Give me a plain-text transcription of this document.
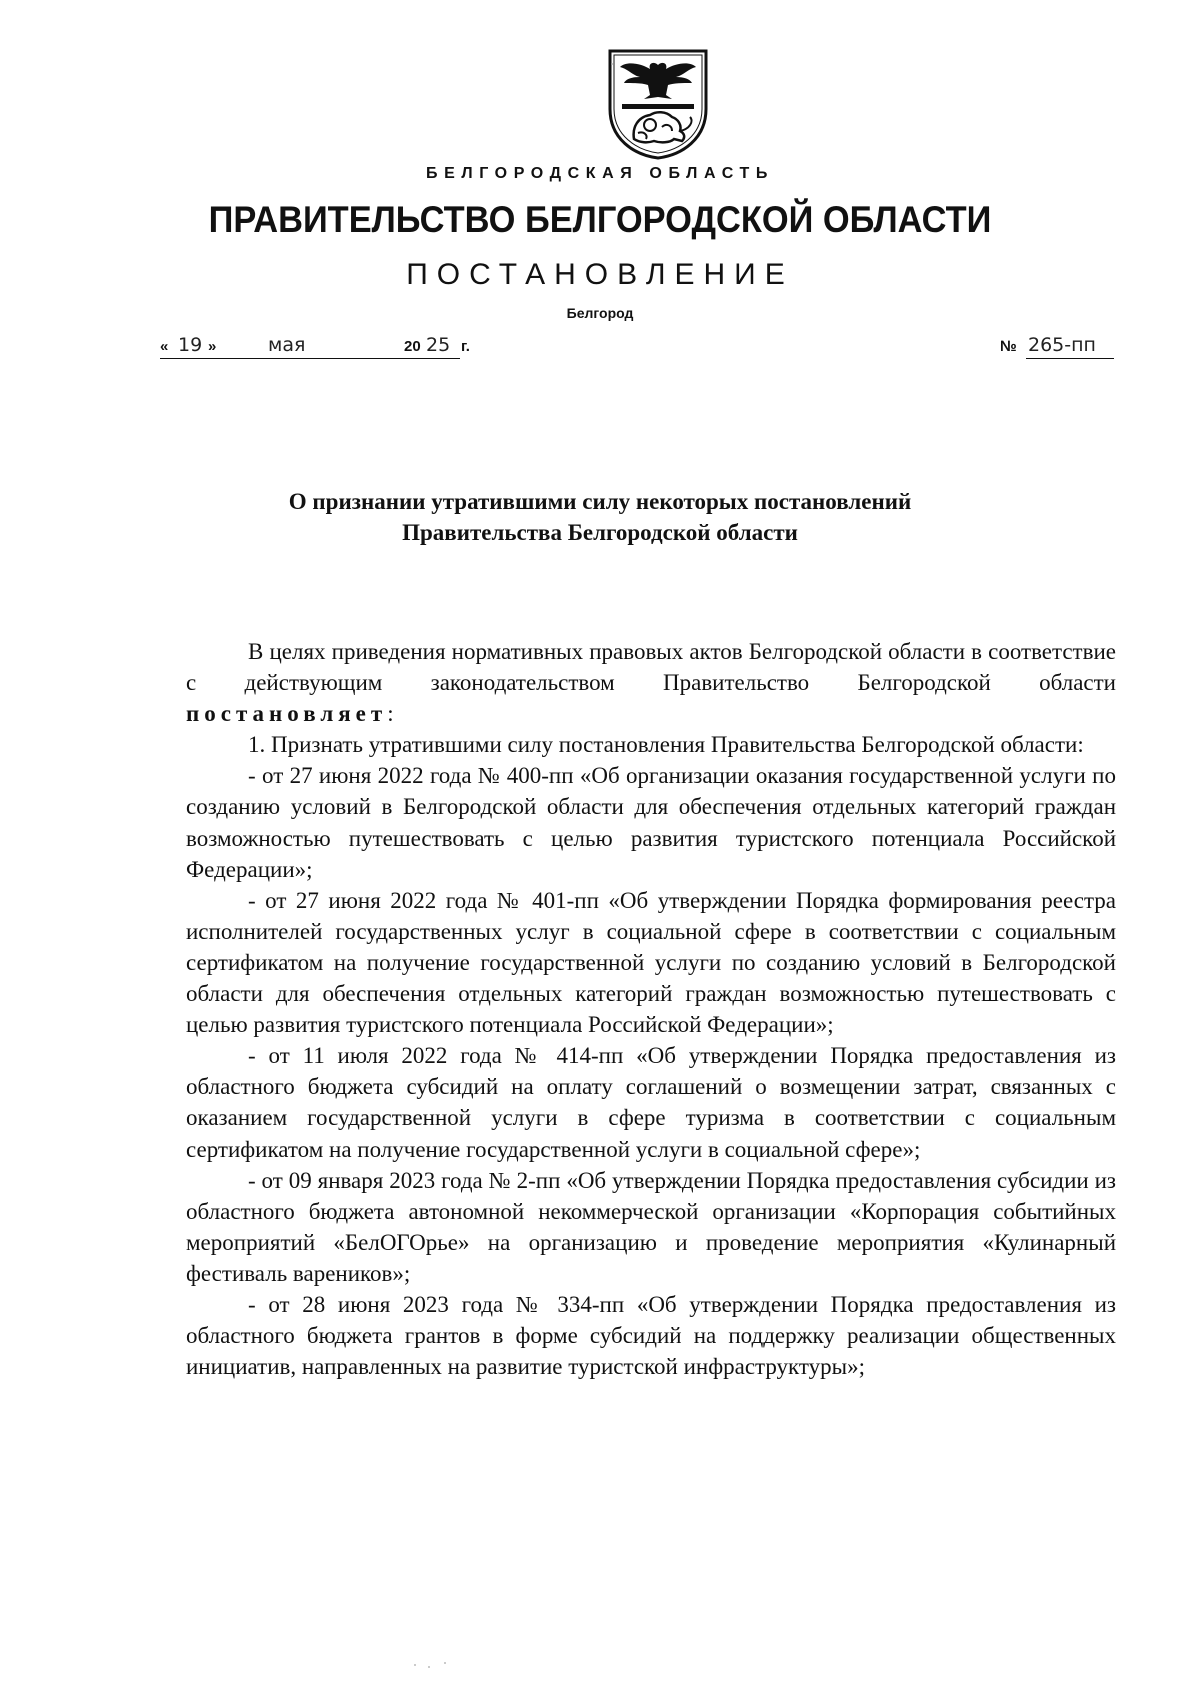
БЕЛГОРОДСКАЯ ОБЛАСТЬ
ПРАВИТЕЛЬСТВО БЕЛГОРОДСКОЙ ОБЛАСТИ
ПОСТАНОВЛЕНИЕ
Белгород
« 19 »	мая	20 25 г.	№ 265-пп
О признании утратившими силу некоторых постановлений
Правительства Белгородской области

В целях приведения нормативных правовых актов Белгородской области в соответствие с действующим законодательством Правительство Белгородской области постановляет:

1. Признать утратившими силу постановления Правительства Белгородской области:

- от 27 июня 2022 года № 400-пп «Об организации оказания государственной услуги по созданию условий в Белгородской области для обеспечения отдельных категорий граждан возможностью путешествовать с целью развития туристского потенциала Российской Федерации»;

- от 27 июня 2022 года № 401-пп «Об утверждении Порядка формирования реестра исполнителей государственных услуг в социальной сфере в соответствии с социальным сертификатом на получение государственной услуги по созданию условий в Белгородской области для обеспечения отдельных категорий граждан возможностью путешествовать с целью развития туристского потенциала Российской Федерации»;

- от 11 июля 2022 года № 414-пп «Об утверждении Порядка предоставления из областного бюджета субсидий на оплату соглашений о возмещении затрат, связанных с оказанием государственной услуги в сфере туризма в соответствии с социальным сертификатом на получение государственной услуги в социальной сфере»;

- от 09 января 2023 года № 2-пп «Об утверждении Порядка предоставления субсидии из областного бюджета автономной некоммерческой организации «Корпорация событийных мероприятий «БелОГОрье» на организацию и проведение мероприятия «Кулинарный фестиваль вареников»;

- от 28 июня 2023 года № 334-пп «Об утверждении Порядка предоставления из областного бюджета грантов в форме субсидий на поддержку реализации общественных инициатив, направленных на развитие туристской инфраструктуры»;
